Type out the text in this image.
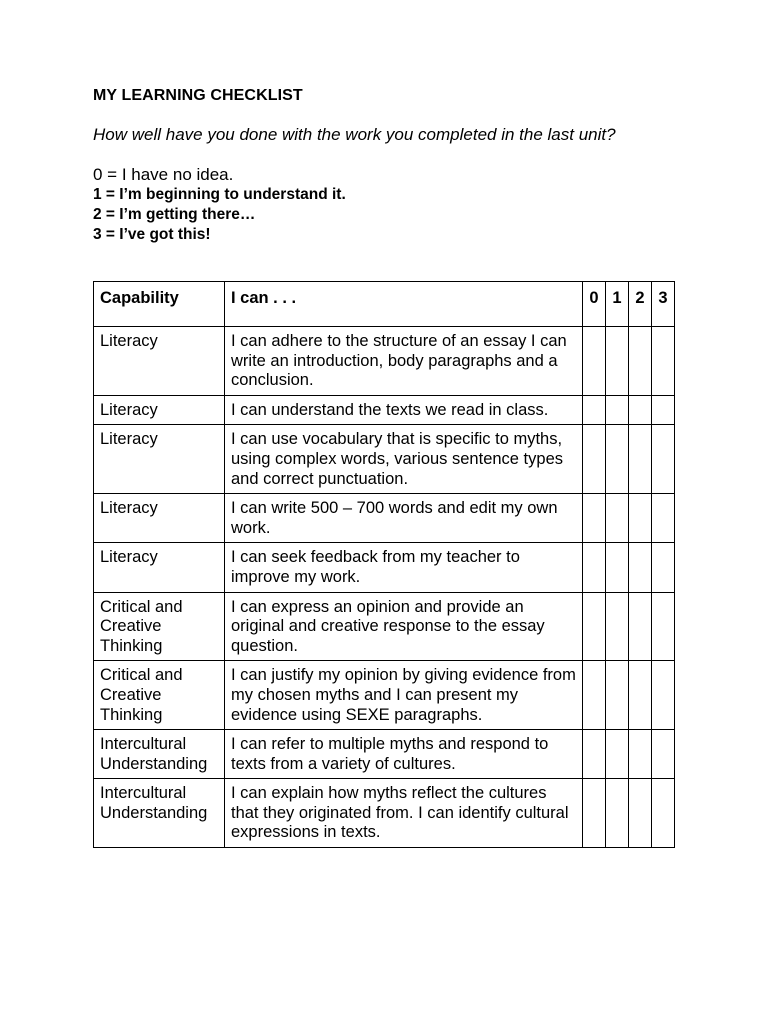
MY LEARNING CHECKLIST
How well have you done with the work you completed in the last unit?
0 = I have no idea.
1 = I’m beginning to understand it.
2 = I’m getting there…
3 = I’ve got this!
Capability	I can . . .	0	1	2	3
Literacy	I can adhere to the structure of an essay I can write an introduction, body paragraphs and a conclusion.				
Literacy	I can understand the texts we read in class.				
Literacy	I can use vocabulary that is specific to myths, using complex words, various sentence types and correct punctuation.				
Literacy	I can write 500 – 700 words and edit my own work.				
Literacy	I can seek feedback from my teacher to improve my work.				
Critical and Creative Thinking	I can express an opinion and provide an original and creative response to the essay question.				
Critical and Creative Thinking	I can justify my opinion by giving evidence from my chosen myths and I can present my evidence using SEXE paragraphs.				
Intercultural Understanding	I can refer to multiple myths and respond to texts from a variety of cultures.				
Intercultural Understanding	I can explain how myths reflect the cultures that they originated from. I can identify cultural expressions in texts.				
